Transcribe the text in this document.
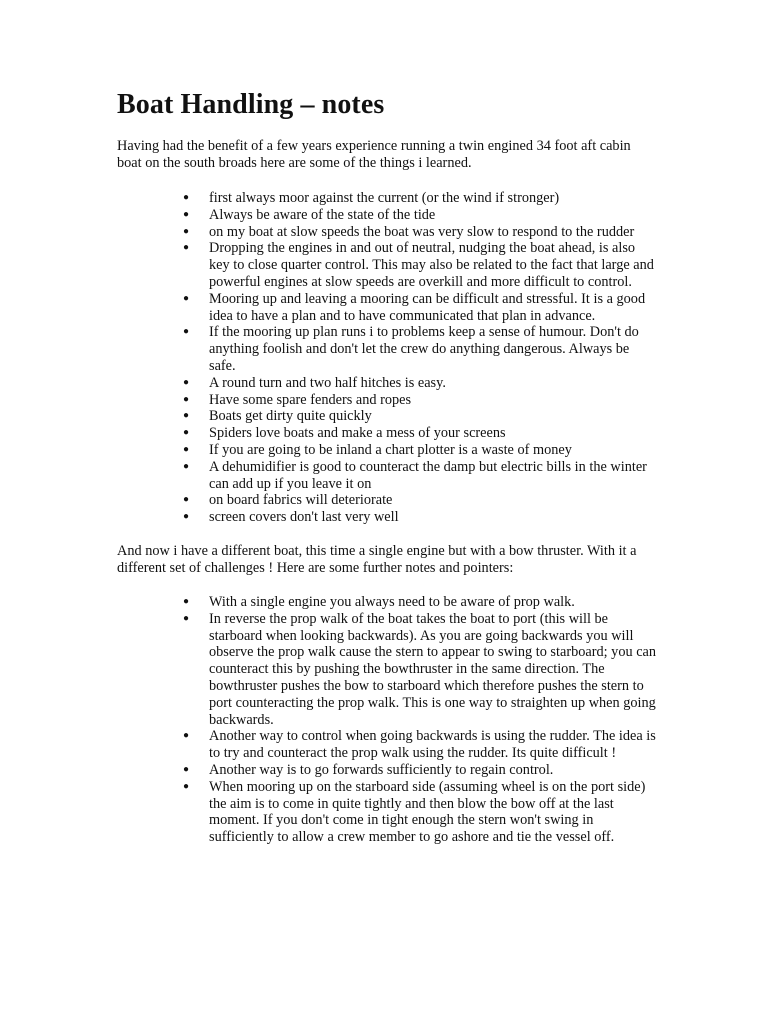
Boat Handling – notes

Having had the benefit of a few years experience running a twin engined 34 foot aft cabin boat on the south broads here are some of the things i learned.

● first always moor against the current (or the wind if stronger)
● Always be aware of the state of the tide
● on my boat at slow speeds the boat was very slow to respond to the rudder
● Dropping the engines in and out of neutral, nudging the boat ahead, is also key to close quarter control. This may also be related to the fact that large and powerful engines at slow speeds are overkill and more difficult to control.
● Mooring up and leaving a mooring can be difficult and stressful. It is a good idea to have a plan and to have communicated that plan in advance.
● If the mooring up plan runs i to problems keep a sense of humour. Don't do anything foolish and don't let the crew do anything dangerous. Always be safe.
● A round turn and two half hitches is easy.
● Have some spare fenders and ropes
● Boats get dirty quite quickly
● Spiders love boats and make a mess of your screens
● If you are going to be inland a chart plotter is a waste of money
● A dehumidifier is good to counteract the damp but electric bills in the winter can add up if you leave it on
● on board fabrics will deteriorate
● screen covers don't last very well

And now i have a different boat, this time a single engine but with a bow thruster. With it a different set of challenges ! Here are some further notes and pointers:

● With a single engine you always need to be aware of prop walk.
● In reverse the prop walk of the boat takes the boat to port (this will be starboard when looking backwards). As you are going backwards you will observe the prop walk cause the stern to appear to swing to starboard; you can counteract this by pushing the bowthruster in the same direction. The bowthruster pushes the bow to starboard which therefore pushes the stern to port counteracting the prop walk. This is one way to straighten up when going backwards.
● Another way to control when going backwards is using the rudder. The idea is to try and counteract the prop walk using the rudder. Its quite difficult !
● Another way is to go forwards sufficiently to regain control.
● When mooring up on the starboard side (assuming wheel is on the port side) the aim is to come in quite tightly and then blow the bow off at the last moment. If you don't come in tight enough the stern won't swing in sufficiently to allow a crew member to go ashore and tie the vessel off.
